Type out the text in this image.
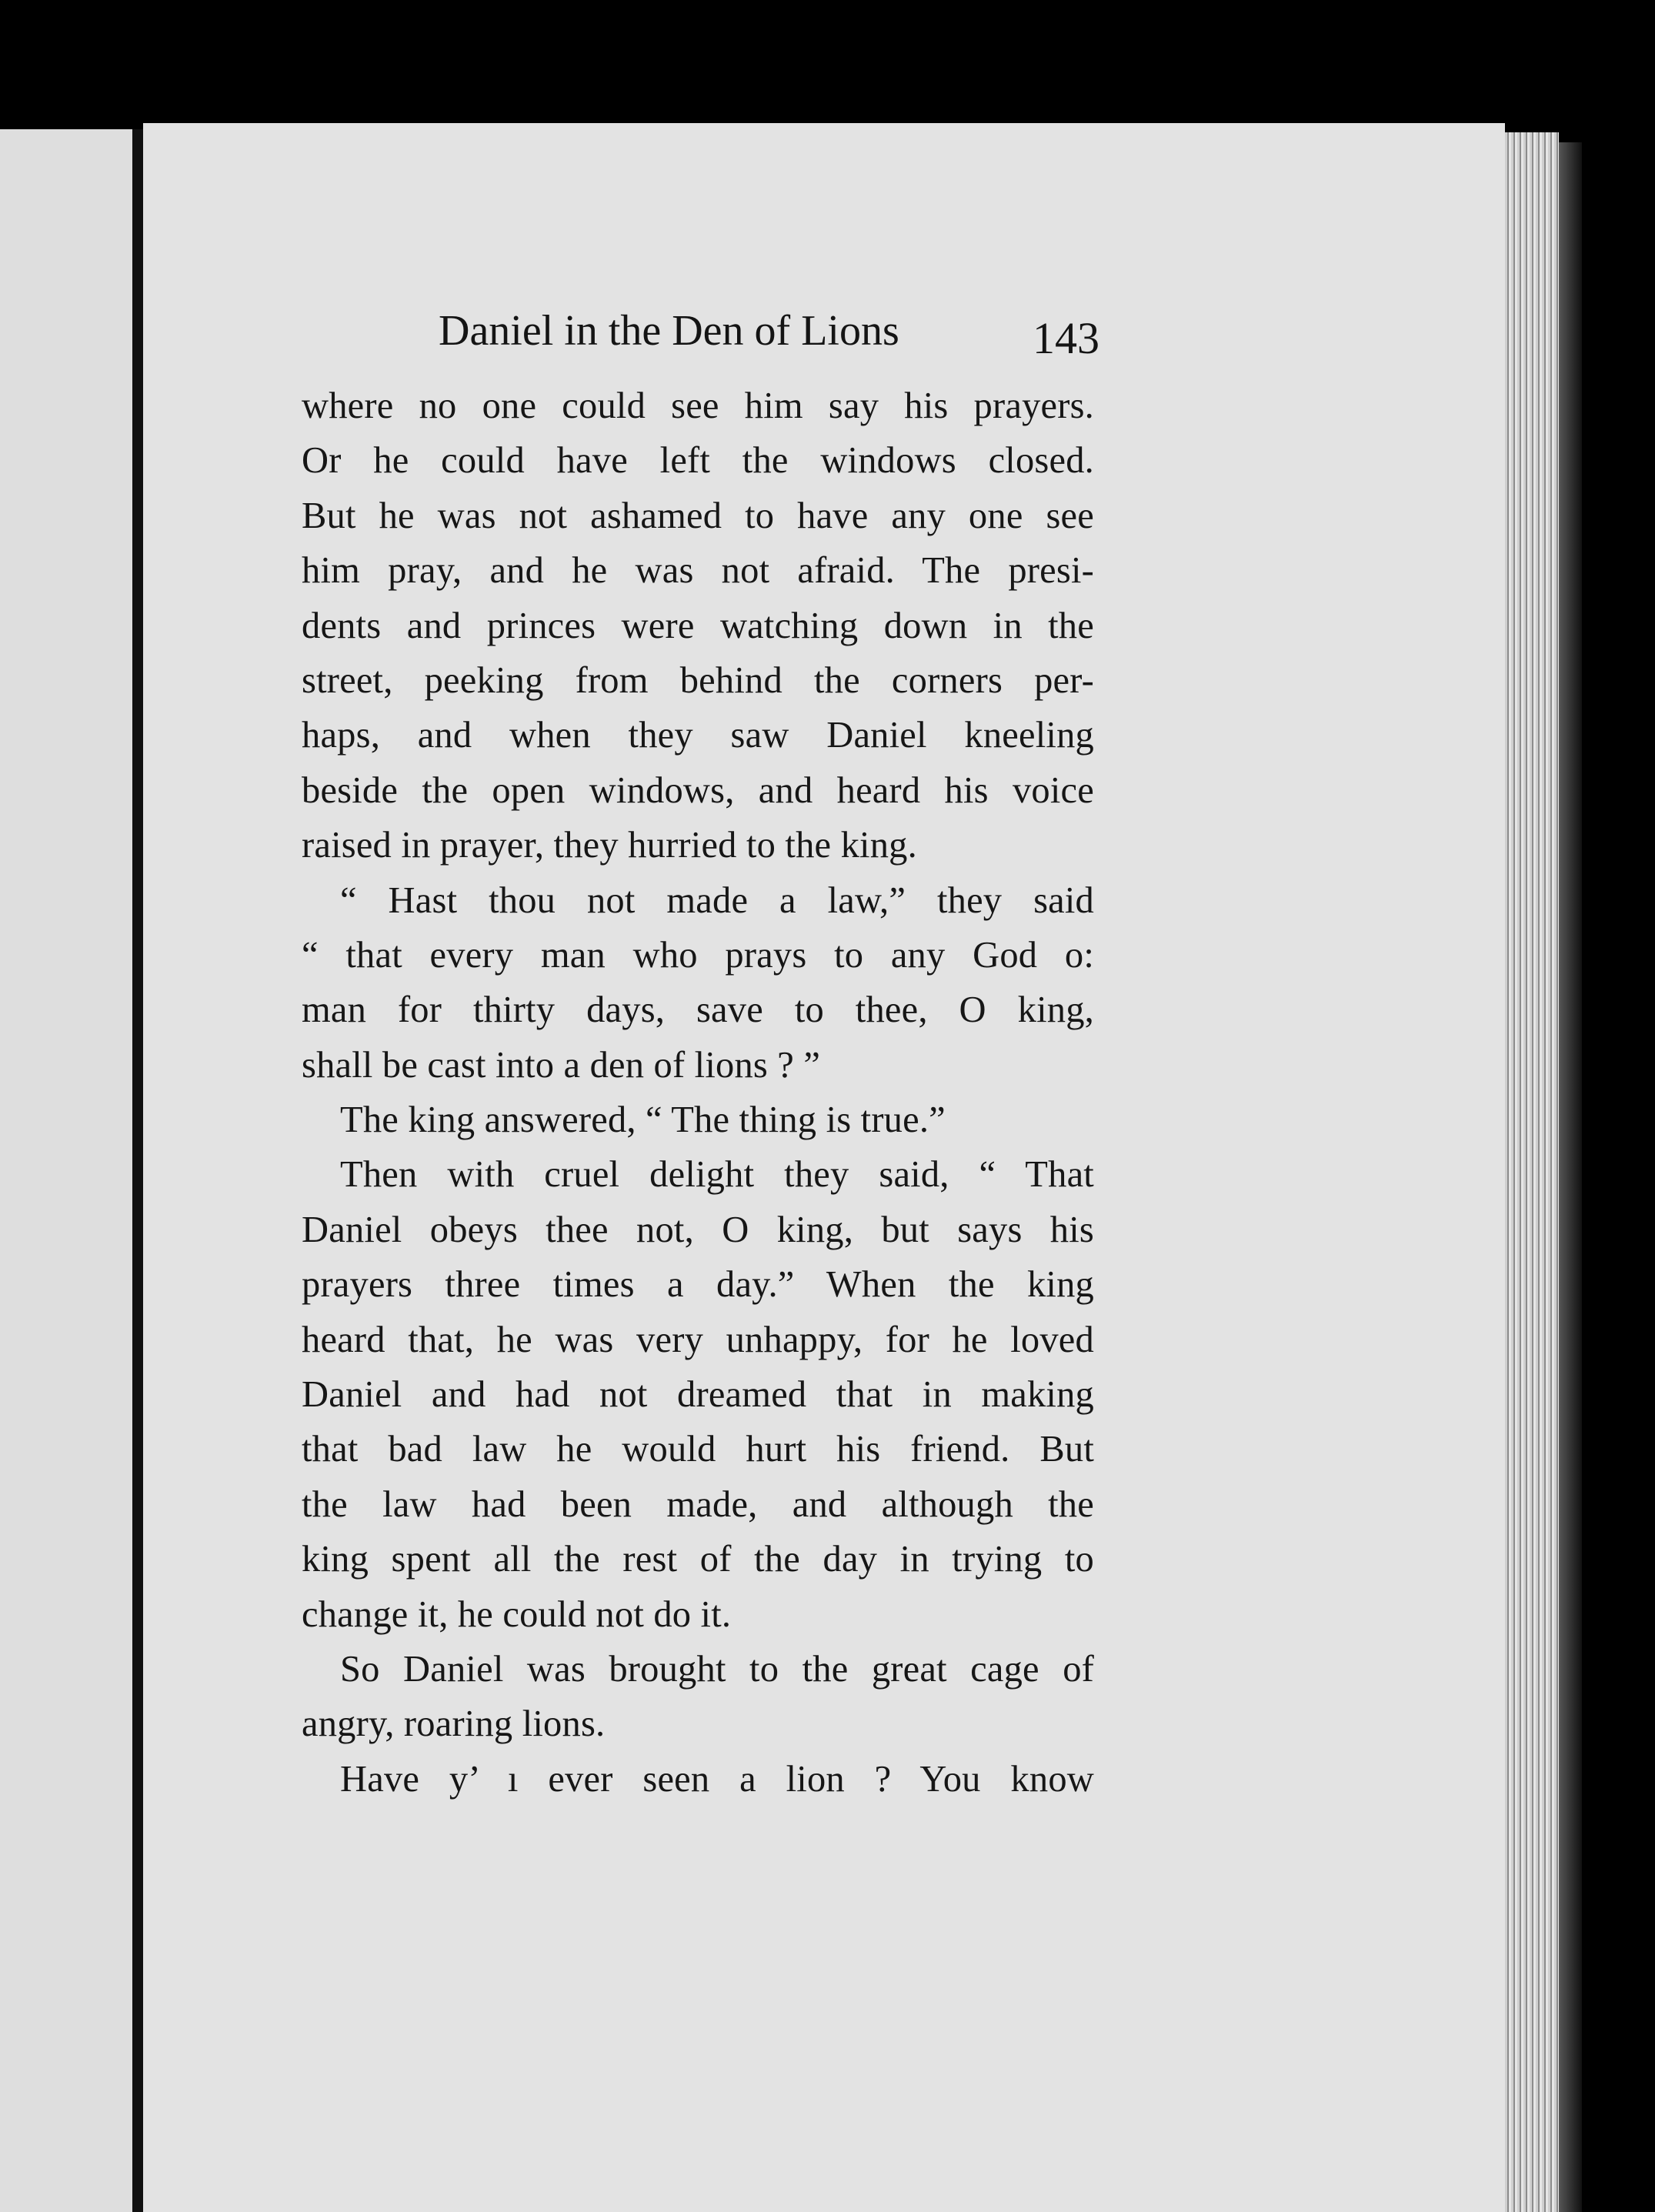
Daniel in the Den of Lions	143
where no one could see him say his prayers.
Or he could have left the windows closed.
But he was not ashamed to have any one see
him pray, and he was not afraid. The presi-
dents and princes were watching down in the
street, peeking from behind the corners per-
haps, and when they saw Daniel kneeling
beside the open windows, and heard his voice
raised in prayer, they hurried to the king.
“ Hast thou not made a law,” they said
“ that every man who prays to any God o:
man for thirty days, save to thee, O king,
shall be cast into a den of lions ? ”
The king answered, “ The thing is true.”
Then with cruel delight they said, “ That
Daniel obeys thee not, O king, but says his
prayers three times a day.” When the king
heard that, he was very unhappy, for he loved
Daniel and had not dreamed that in making
that bad law he would hurt his friend. But
the law had been made, and although the
king spent all the rest of the day in trying to
change it, he could not do it.
So Daniel was brought to the great cage of
angry, roaring lions.
Have y’ ı ever seen a lion ? You know
